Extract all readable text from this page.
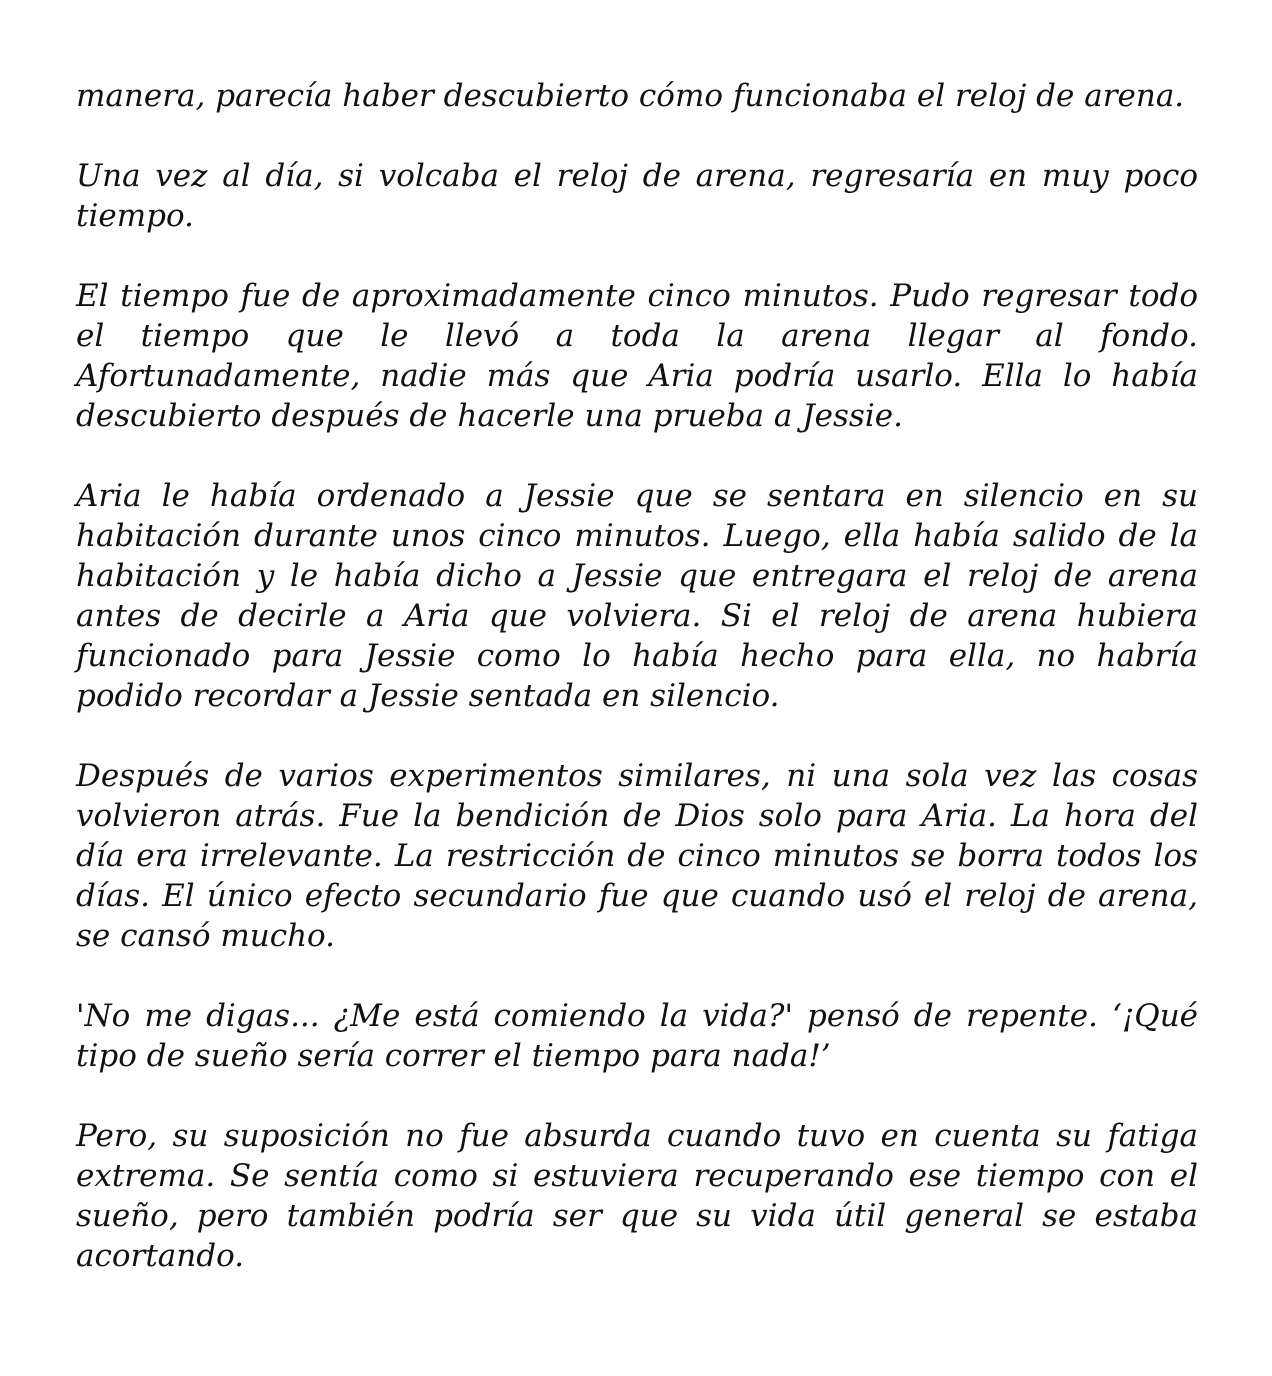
manera, parecía haber descubierto cómo funcionaba el reloj de arena.

Una vez al día, si volcaba el reloj de arena, regresaría en muy poco tiempo.

El tiempo fue de aproximadamente cinco minutos. Pudo regresar todo el tiempo que le llevó a toda la arena llegar al fondo. Afortunadamente, nadie más que Aria podría usarlo. Ella lo había descubierto después de hacerle una prueba a Jessie.

Aria le había ordenado a Jessie que se sentara en silencio en su habitación durante unos cinco minutos. Luego, ella había salido de la habitación y le había dicho a Jessie que entregara el reloj de arena antes de decirle a Aria que volviera. Si el reloj de arena hubiera funcionado para Jessie como lo había hecho para ella, no habría podido recordar a Jessie sentada en silencio.

Después de varios experimentos similares, ni una sola vez las cosas volvieron atrás. Fue la bendición de Dios solo para Aria. La hora del día era irrelevante. La restricción de cinco minutos se borra todos los días. El único efecto secundario fue que cuando usó el reloj de arena, se cansó mucho.

'No me digas... ¿Me está comiendo la vida?' pensó de repente. ‘¡Qué tipo de sueño sería correr el tiempo para nada!’

Pero, su suposición no fue absurda cuando tuvo en cuenta su fatiga extrema. Se sentía como si estuviera recuperando ese tiempo con el sueño, pero también podría ser que su vida útil general se estaba acortando.
